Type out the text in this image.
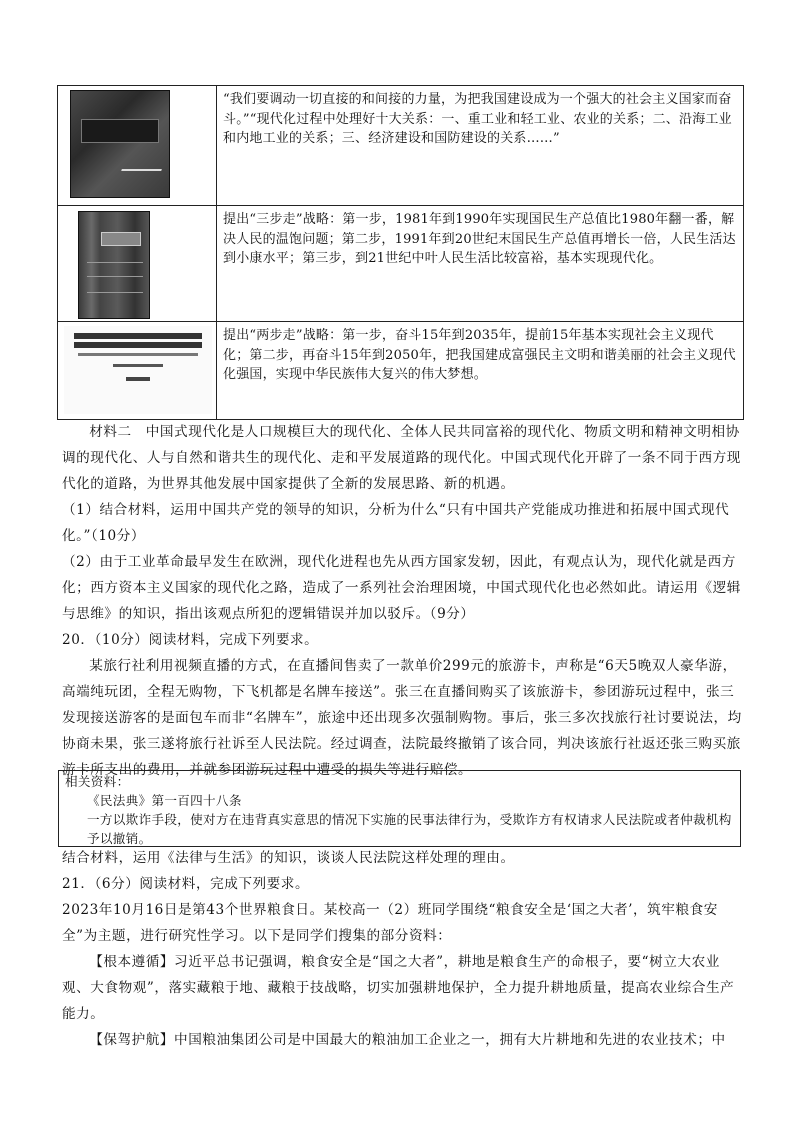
	“我们要调动一切直接的和间接的力量，为把我国建设成为一个强大的社会主义国家而奋斗。”“现代化过程中处理好十大关系：一、重工业和轻工业、农业的关系；二、沿海工业和内地工业的关系；三、经济建设和国防建设的关系……”

	提出“三步走”战略：第一步，1981年到1990年实现国民生产总值比1980年翻一番，解决人民的温饱问题；第二步，1991年到20世纪末国民生产总值再增长一倍，人民生活达到小康水平；第三步，到21世纪中叶人民生活比较富裕，基本实现现代化。

	提出“两步走”战略：第一步，奋斗15年到2035年，提前15年基本实现社会主义现代化；第二步，再奋斗15年到2050年，把我国建成富强民主文明和谐美丽的社会主义现代化强国，实现中华民族伟大复兴的伟大梦想。
材料二　中国式现代化是人口规模巨大的现代化、全体人民共同富裕的现代化、物质文明和精神文明相协调的现代化、人与自然和谐共生的现代化、走和平发展道路的现代化。中国式现代化开辟了一条不同于西方现代化的道路，为世界其他发展中国家提供了全新的发展思路、新的机遇。
（1）结合材料，运用中国共产党的领导的知识，分析为什么“只有中国共产党能成功推进和拓展中国式现代化。”（10分）
（2）由于工业革命最早发生在欧洲，现代化进程也先从西方国家发轫，因此，有观点认为，现代化就是西方化；西方资本主义国家的现代化之路，造成了一系列社会治理困境，中国式现代化也必然如此。请运用《逻辑与思维》的知识，指出该观点所犯的逻辑错误并加以驳斥。（9分）
20．（10分）阅读材料，完成下列要求。
某旅行社利用视频直播的方式，在直播间售卖了一款单价299元的旅游卡，声称是“6天5晚双人豪华游，高端纯玩团，全程无购物，下飞机都是名牌车接送”。张三在直播间购买了该旅游卡，参团游玩过程中，张三发现接送游客的是面包车而非“名牌车”，旅途中还出现多次强制购物。事后，张三多次找旅行社讨要说法，均协商未果，张三遂将旅行社诉至人民法院。经过调查，法院最终撤销了该合同，判决该旅行社返还张三购买旅游卡所支出的费用，并就参团游玩过程中遭受的损失等进行赔偿。
相关资料：
《民法典》第一百四十八条
一方以欺诈手段，使对方在违背真实意思的情况下实施的民事法律行为，受欺诈方有权请求人民法院或者仲裁机构予以撤销。
结合材料，运用《法律与生活》的知识，谈谈人民法院这样处理的理由。
21．（6分）阅读材料，完成下列要求。
2023年10月16日是第43个世界粮食日。某校高一（2）班同学围绕“粮食安全是‘国之大者’，筑牢粮食安全”为主题，进行研究性学习。以下是同学们搜集的部分资料：
【根本遵循】习近平总书记强调，粮食安全是“国之大者”，耕地是粮食生产的命根子，要“树立大农业观、大食物观”，落实藏粮于地、藏粮于技战略，切实加强耕地保护，全力提升耕地质量，提高农业综合生产能力。
【保驾护航】中国粮油集团公司是中国最大的粮油加工企业之一，拥有大片耕地和先进的农业技术；中
